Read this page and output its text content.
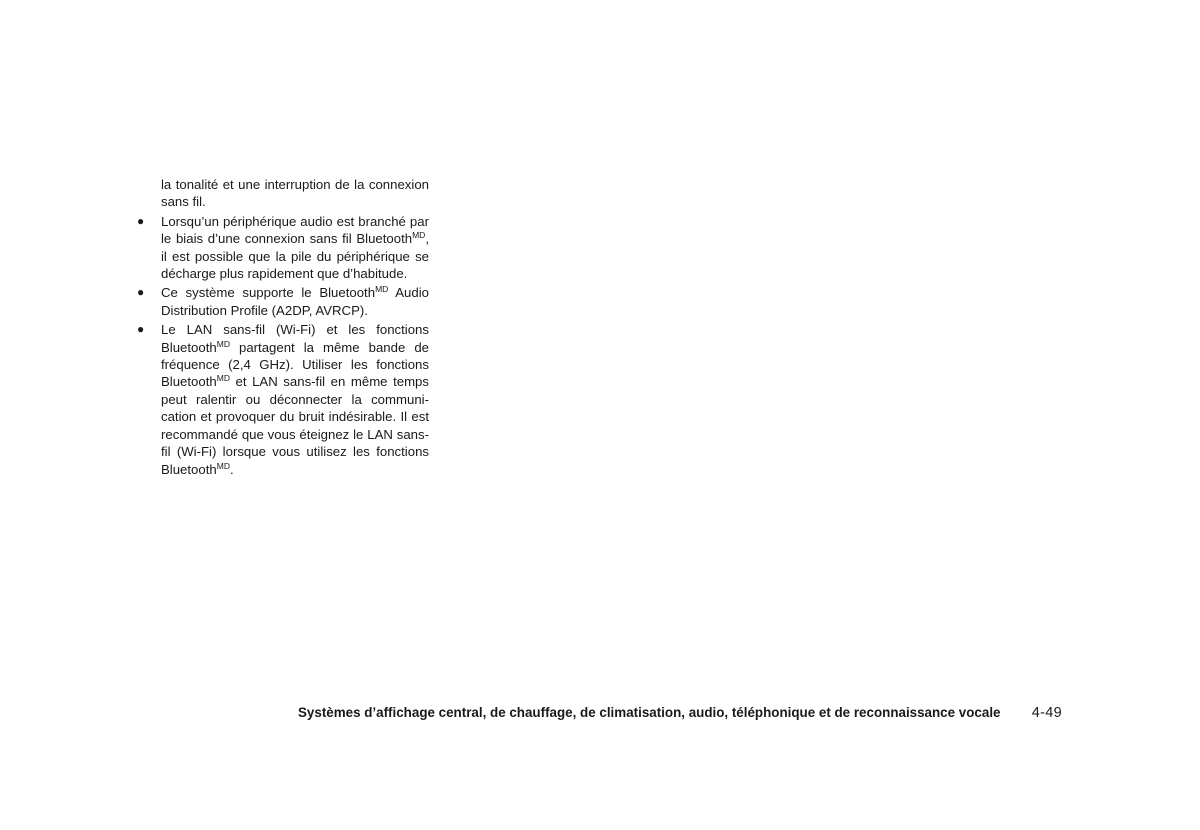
la tonalité et une interruption de la connexion sans fil.

● Lorsqu’un périphérique audio est branché par le biais d’une connexion sans fil Bluetooth$^{MD}$, il est possible que la pile du périphérique se décharge plus rapidement que d’habitude.
● Ce système supporte le Bluetooth$^{MD}$ Audio Distribution Profile (A2DP, AVRCP).
● Le LAN sans-fil (Wi-Fi) et les fonctions Bluetooth$^{MD}$ partagent la même bande de fréquence (2,4 GHz). Utiliser les fonctions Bluetooth$^{MD}$ et LAN sans-fil en même temps peut ralentir ou déconnecter la communication et provoquer du bruit indésirable. Il est recommandé que vous éteignez le LAN sans-fil (Wi-Fi) lorsque vous utilisez les fonctions Bluetooth$^{MD}$.
Systèmes d’affichage central, de chauffage, de climatisation, audio, téléphonique et de reconnaissance vocale 4-49
